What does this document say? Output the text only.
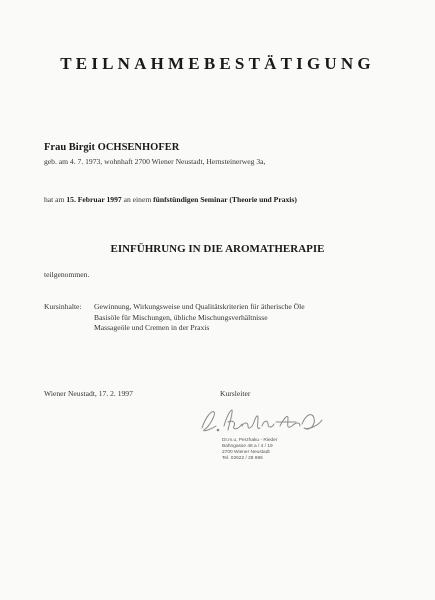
TEILNAHMEBESTÄTIGUNG
Frau Birgit OCHSENHOFER
geb. am 4. 7. 1973, wohnhaft 2700 Wiener Neustadt, Hernsteinerweg 3a,
hat am 15. Februar 1997 an einem fünfstündigen Seminar (Theorie und Praxis)
EINFÜHRUNG IN DIE AROMATHERAPIE
teilgenommen.
Kursinhalte: Gewinnung, Wirkungsweise und Qualitätskriterien für ätherische Öle
Basisöle für Mischungen, übliche Mischungsverhältnisse
Massageöle und Cremen in der Praxis
Wiener Neustadt, 17. 2. 1997	Kursleiter
Dr.m.u. Perzhaku - Rieder
Bahngasse 48 a / 4 / 19
2700 Wiener Neustadt
Tel. 02622 / 28 986
